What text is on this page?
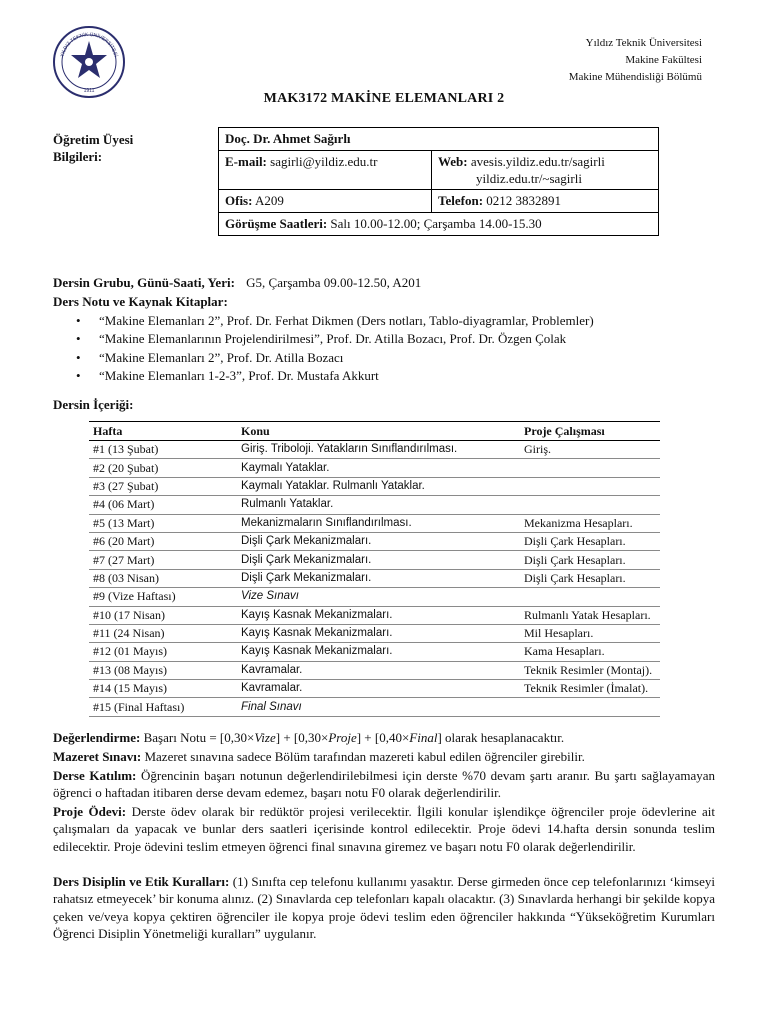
YILDIZ TEKNİK ÜNİVERSİTESİ
1911
Yıldız Teknik Üniversitesi
Makine Fakültesi
Makine Mühendisliği Bölümü
MAK3172 MAKİNE ELEMANLARI 2
Öğretim Üyesi
Bilgileri:
Doç. Dr. Ahmet Sağırlı	
E-mail: sagirli@yildiz.edu.tr	Web: avesis.yildiz.edu.tr/sagirli
yildiz.edu.tr/~sagirli
Ofis: A209	Telefon: 0212 3832891
Görüşme Saatleri: Salı 10.00-12.00; Çarşamba 14.00-15.30	
Dersin Grubu, Günü-Saati, Yeri: G5, Çarşamba 09.00-12.50, A201
Ders Notu ve Kaynak Kitaplar:
• “Makine Elemanları 2”, Prof. Dr. Ferhat Dikmen (Ders notları, Tablo-diyagramlar, Problemler)
• “Makine Elemanlarının Projelendirilmesi”, Prof. Dr. Atilla Bozacı, Prof. Dr. Özgen Çolak
• “Makine Elemanları 2”, Prof. Dr. Atilla Bozacı
• “Makine Elemanları 1-2-3”, Prof. Dr. Mustafa Akkurt
Dersin İçeriği:
Hafta	Konu	Proje Çalışması
#1 (13 Şubat)	Giriş. Triboloji. Yatakların Sınıflandırılması.	Giriş.
#2 (20 Şubat)	Kaymalı Yataklar.	
#3 (27 Şubat)	Kaymalı Yataklar. Rulmanlı Yataklar.	
#4 (06 Mart)	Rulmanlı Yataklar.	
#5 (13 Mart)	Mekanizmaların Sınıflandırılması.	Mekanizma Hesapları.
#6 (20 Mart)	Dişli Çark Mekanizmaları.	Dişli Çark Hesapları.
#7 (27 Mart)	Dişli Çark Mekanizmaları.	Dişli Çark Hesapları.
#8 (03 Nisan)	Dişli Çark Mekanizmaları.	Dişli Çark Hesapları.
#9 (Vize Haftası)	Vize Sınavı	
#10 (17 Nisan)	Kayış Kasnak Mekanizmaları.	Rulmanlı Yatak Hesapları.
#11 (24 Nisan)	Kayış Kasnak Mekanizmaları.	Mil Hesapları.
#12 (01 Mayıs)	Kayış Kasnak Mekanizmaları.	Kama Hesapları.
#13 (08 Mayıs)	Kavramalar.	Teknik Resimler (Montaj).
#14 (15 Mayıs)	Kavramalar.	Teknik Resimler (İmalat).
#15 (Final Haftası)	Final Sınavı	
Değerlendirme: Başarı Notu = [0,30×Vize] + [0,30×Proje] + [0,40×Final] olarak hesaplanacaktır.
Mazeret Sınavı: Mazeret sınavına sadece Bölüm tarafından mazereti kabul edilen öğrenciler girebilir.
Derse Katılım: Öğrencinin başarı notunun değerlendirilebilmesi için derste %70 devam şartı aranır. Bu şartı sağlayamayan öğrenci o haftadan itibaren derse devam edemez, başarı notu F0 olarak değerlendirilir.
Proje Ödevi: Derste ödev olarak bir redüktör projesi verilecektir. İlgili konular işlendikçe öğrenciler proje ödevlerine ait çalışmaları da yapacak ve bunlar ders saatleri içerisinde kontrol edilecektir. Proje ödevi 14.hafta dersin sonunda teslim edilecektir. Proje ödevini teslim etmeyen öğrenci final sınavına giremez ve başarı notu F0 olarak değerlendirilir.
Ders Disiplin ve Etik Kuralları: (1) Sınıfta cep telefonu kullanımı yasaktır. Derse girmeden önce cep telefonlarınızı ‘kimseyi rahatsız etmeyecek’ bir konuma alınız. (2) Sınavlarda cep telefonları kapalı olacaktır. (3) Sınavlarda herhangi bir şekilde kopya çeken ve/veya kopya çektiren öğrenciler ile kopya proje ödevi teslim eden öğrenciler hakkında “Yükseköğretim Kurumları Öğrenci Disiplin Yönetmeliği kuralları” uygulanır.
